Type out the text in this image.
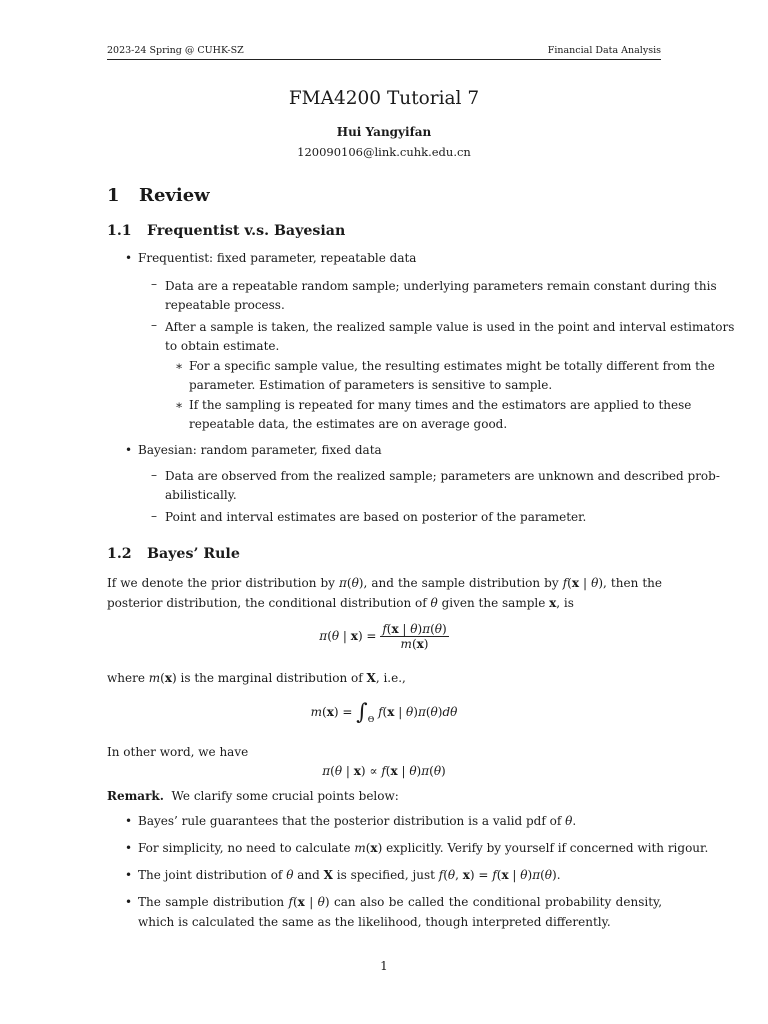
2023-24 Spring @ CUHK-SZ	Financial Data Analysis
FMA4200 Tutorial 7
Hui Yangyifan
120090106@link.cuhk.edu.cn
1 Review
1.1 Frequentist v.s. Bayesian
• Frequentist: fixed parameter, repeatable data
– Data are a repeatable random sample; underlying parameters remain constant during this
repeatable process.
– After a sample is taken, the realized sample value is used in the point and interval estimators
to obtain estimate.
∗ For a specific sample value, the resulting estimates might be totally different from the
parameter. Estimation of parameters is sensitive to sample.
∗ If the sampling is repeated for many times and the estimators are applied to these
repeatable data, the estimates are on average good.
• Bayesian: random parameter, fixed data
– Data are observed from the realized sample; parameters are unknown and described prob-
abilistically.
– Point and interval estimates are based on posterior of the parameter.
1.2 Bayes’ Rule
If we denote the prior distribution by π(θ), and the sample distribution by f(x | θ), then the posterior distribution, the conditional distribution of θ given the sample x, is
π(θ | $x) = \frac{f(x | \theta)\pi(\theta)}{m(x)}$
where m(x) is the marginal distribution of X, i.e.,
$m(x) = \int_\Theta$ f(x | θ)π(θ)dθ
In other word, we have
π(θ | x) ∝ f(x | θ)π(θ)
Remark. We clarify some crucial points below:
• Bayes’ rule guarantees that the posterior distribution is a valid pdf of θ.
• For simplicity, no need to calculate m(x) explicitly. Verify by yourself if concerned with rigour.
• The joint distribution of θ and X is specified, just f(θ, x) = f(x | θ)π(θ).
• The sample distribution f(x | θ) can also be called the conditional probability density, which is calculated the same as the likelihood, though interpreted differently.
1
